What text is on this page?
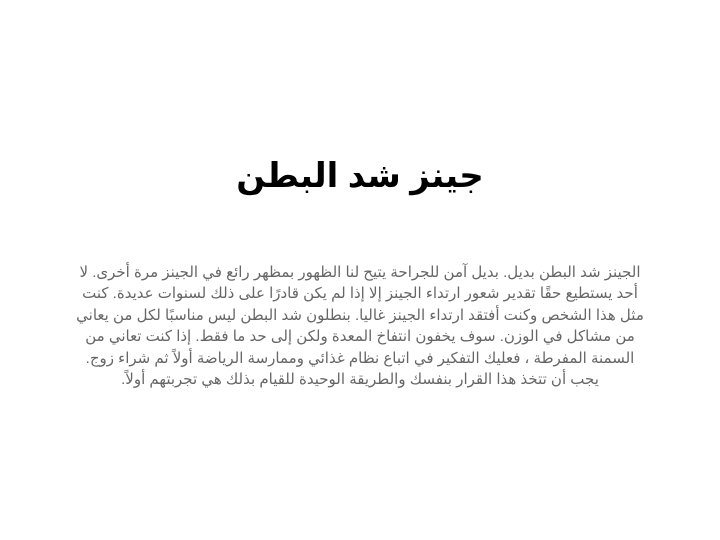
جينز شد البطن

الجينز شد البطن بديل. بديل آمن للجراحة يتيح لنا الظهور بمظهر رائع في الجينز مرة أخرى. لا أحد يستطيع حقًا تقدير شعور ارتداء الجينز إلا إذا لم يكن قادرًا على ذلك لسنوات عديدة. كنت مثل هذا الشخص وكنت أفتقد ارتداء الجينز غاليا. بنطلون شد البطن ليس مناسبًا لكل من يعاني من مشاكل في الوزن. سوف يخفون انتفاخ المعدة ولكن إلى حد ما فقط. إذا كنت تعاني من السمنة المفرطة ، فعليك التفكير في اتباع نظام غذائي وممارسة الرياضة أولاً ثم شراء زوج. يجب أن تتخذ هذا القرار بنفسك والطريقة الوحيدة للقيام بذلك هي تجربتهم أولاً.
